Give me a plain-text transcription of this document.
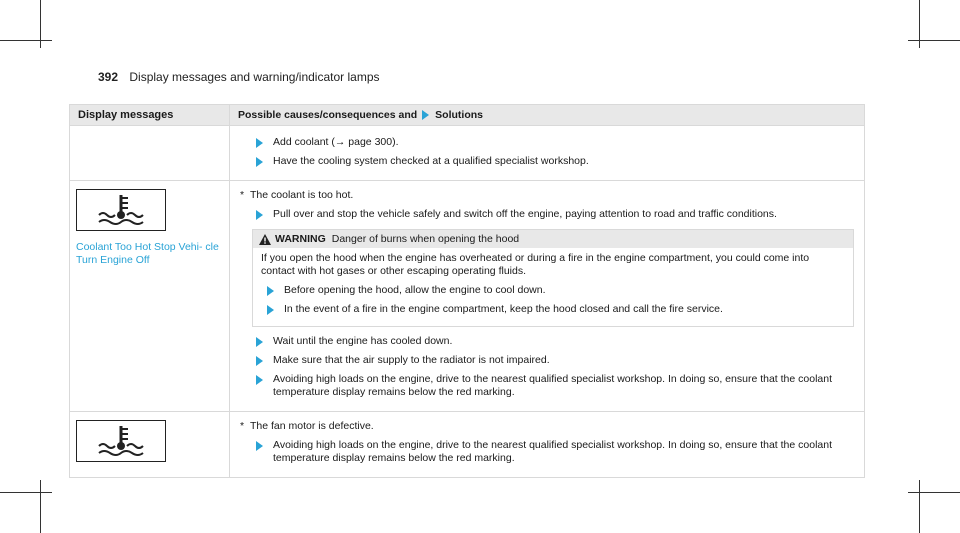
392 Display messages and warning/indicator lamps
Display messages	Possible causes/consequences and Solutions
Add coolant (→ page 300).
Have the cooling system checked at a qualified specialist workshop.
Coolant Too Hot Stop Vehi- cle Turn Engine Off
* The coolant is too hot.
Pull over and stop the vehicle safely and switch off the engine, paying attention to road and traffic conditions.
WARNING Danger of burns when opening the hood
If you open the hood when the engine has overheated or during a fire in the engine compartment, you could come into contact with hot gases or other escaping operating fluids.
Before opening the hood, allow the engine to cool down.
In the event of a fire in the engine compartment, keep the hood closed and call the fire service.
Wait until the engine has cooled down.
Make sure that the air supply to the radiator is not impaired.
Avoiding high loads on the engine, drive to the nearest qualified specialist workshop. In doing so, ensure that the coolant temperature display remains below the red marking.
* The fan motor is defective.
Avoiding high loads on the engine, drive to the nearest qualified specialist workshop. In doing so, ensure that the coolant temperature display remains below the red marking.
